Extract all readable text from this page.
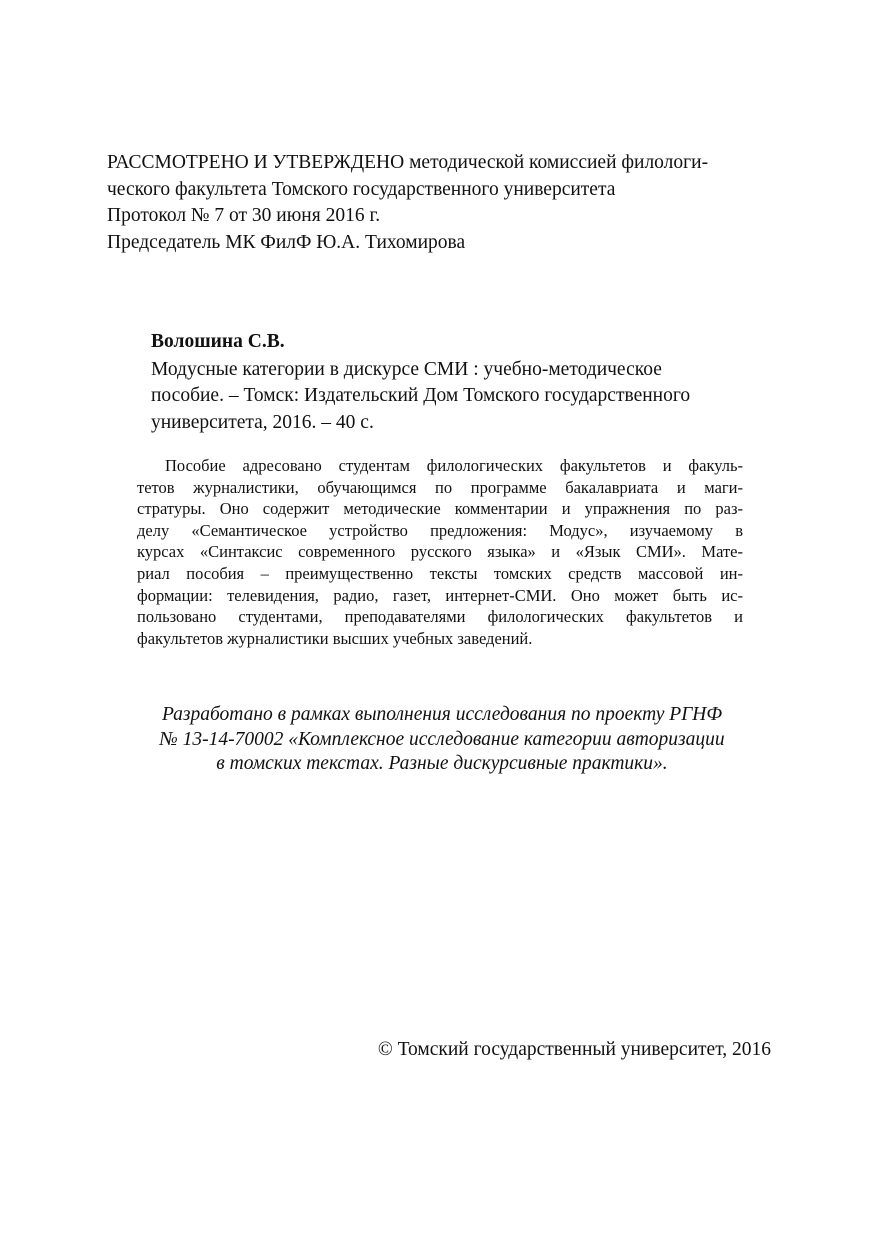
РАССМОТРЕНО И УТВЕРЖДЕНО методической комиссией филологи-
ческого факультета Томского государственного университета
Протокол № 7 от 30 июня 2016 г.
Председатель МК ФилФ Ю.А. Тихомирова
Волошина С.В.
Модусные категории в дискурсе СМИ : учебно-методическое
пособие. – Томск: Издательский Дом Томского государственного
университета, 2016. – 40 с.
Пособие адресовано студентам филологических факультетов и факуль-
тетов журналистики, обучающимся по программе бакалавриата и маги-
стратуры. Оно содержит методические комментарии и упражнения по раз-
делу «Семантическое устройство предложения: Модус», изучаемому в
курсах «Синтаксис современного русского языка» и «Язык СМИ». Мате-
риал пособия – преимущественно тексты томских средств массовой ин-
формации: телевидения, радио, газет, интернет-СМИ. Оно может быть ис-
пользовано студентами, преподавателями филологических факультетов и
факультетов журналистики высших учебных заведений.
Разработано в рамках выполнения исследования по проекту РГНФ
№ 13-14-70002 «Комплексное исследование категории авторизации
в томских текстах. Разные дискурсивные практики».
© Томский государственный университет, 2016
